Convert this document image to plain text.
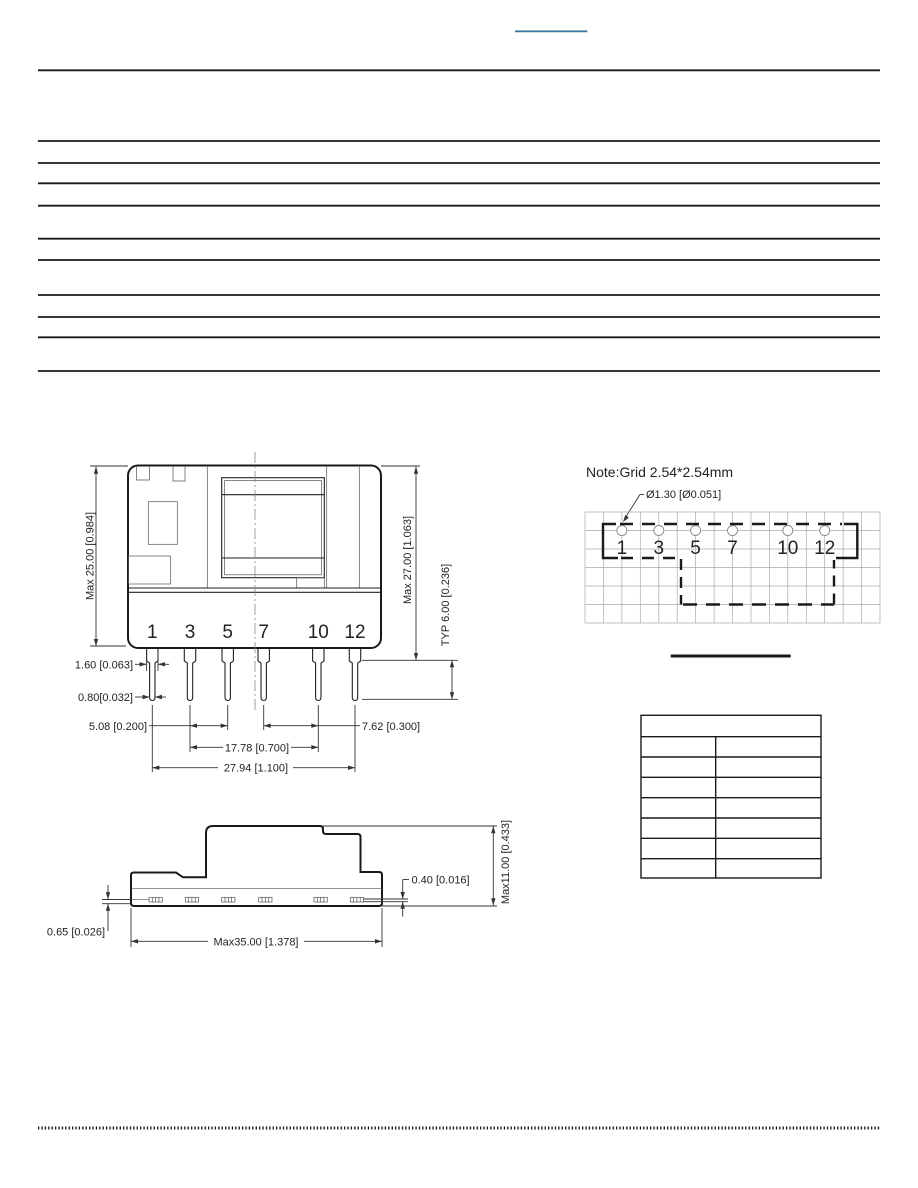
1 3 5 7 10 12
Max 25.00 [0.984]	Max 27.00 [1.063]
TYP 6.00 [0.236]
1.60 [0.063]
0.80[0.032]
5.08 [0.200]	7.62 [0.300]
17.78 [0.700]
27.94 [1.100]
0.40 [0.016]	Max11.00 [0.433]
Max35.00 [1.378]
0.65 [0.026]
Note:Grid 2.54*2.54mm
Ø1.30 [Ø0.051]
1 3 5 7 10 12
